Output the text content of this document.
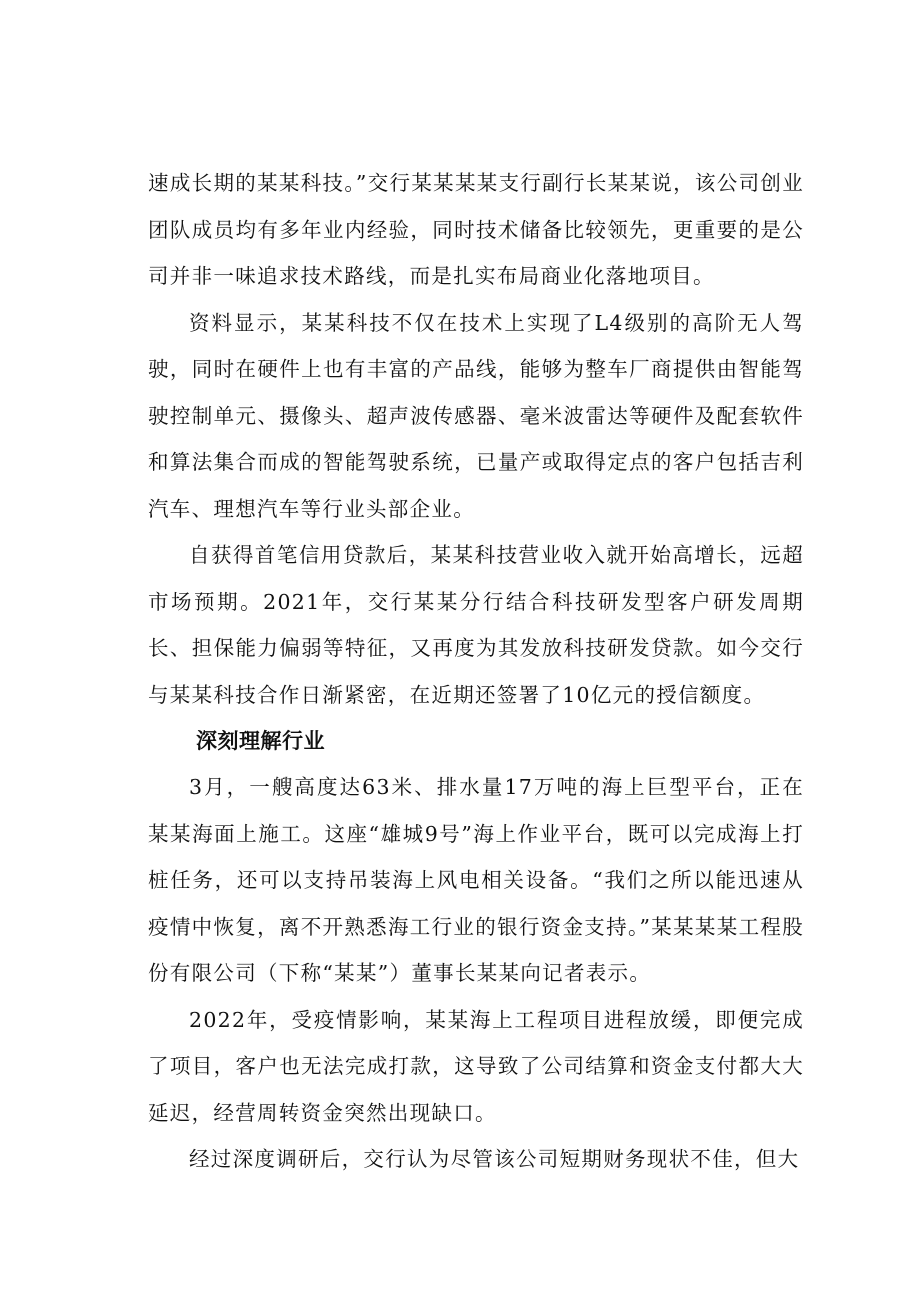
速成长期的某某科技。”交行某某某某支行副行长某某说，该公司创业团队成员均有多年业内经验，同时技术储备比较领先，更重要的是公司并非一味追求技术路线，而是扎实布局商业化落地项目。

资料显示，某某科技不仅在技术上实现了L4级别的高阶无人驾驶，同时在硬件上也有丰富的产品线，能够为整车厂商提供由智能驾驶控制单元、摄像头、超声波传感器、毫米波雷达等硬件及配套软件和算法集合而成的智能驾驶系统，已量产或取得定点的客户包括吉利汽车、理想汽车等行业头部企业。

自获得首笔信用贷款后，某某科技营业收入就开始高增长，远超市场预期。2021年，交行某某分行结合科技研发型客户研发周期长、担保能力偏弱等特征，又再度为其发放科技研发贷款。如今交行与某某科技合作日渐紧密，在近期还签署了10亿元的授信额度。

深刻理解行业

3月，一艘高度达63米、排水量17万吨的海上巨型平台，正在某某海面上施工。这座“雄城9号”海上作业平台，既可以完成海上打桩任务，还可以支持吊装海上风电相关设备。“我们之所以能迅速从疫情中恢复，离不开熟悉海工行业的银行资金支持。”某某某某工程股份有限公司（下称“某某”）董事长某某向记者表示。

2022年，受疫情影响，某某海上工程项目进程放缓，即便完成了项目，客户也无法完成打款，这导致了公司结算和资金支付都大大延迟，经营周转资金突然出现缺口。

经过深度调研后，交行认为尽管该公司短期财务现状不佳，但大
